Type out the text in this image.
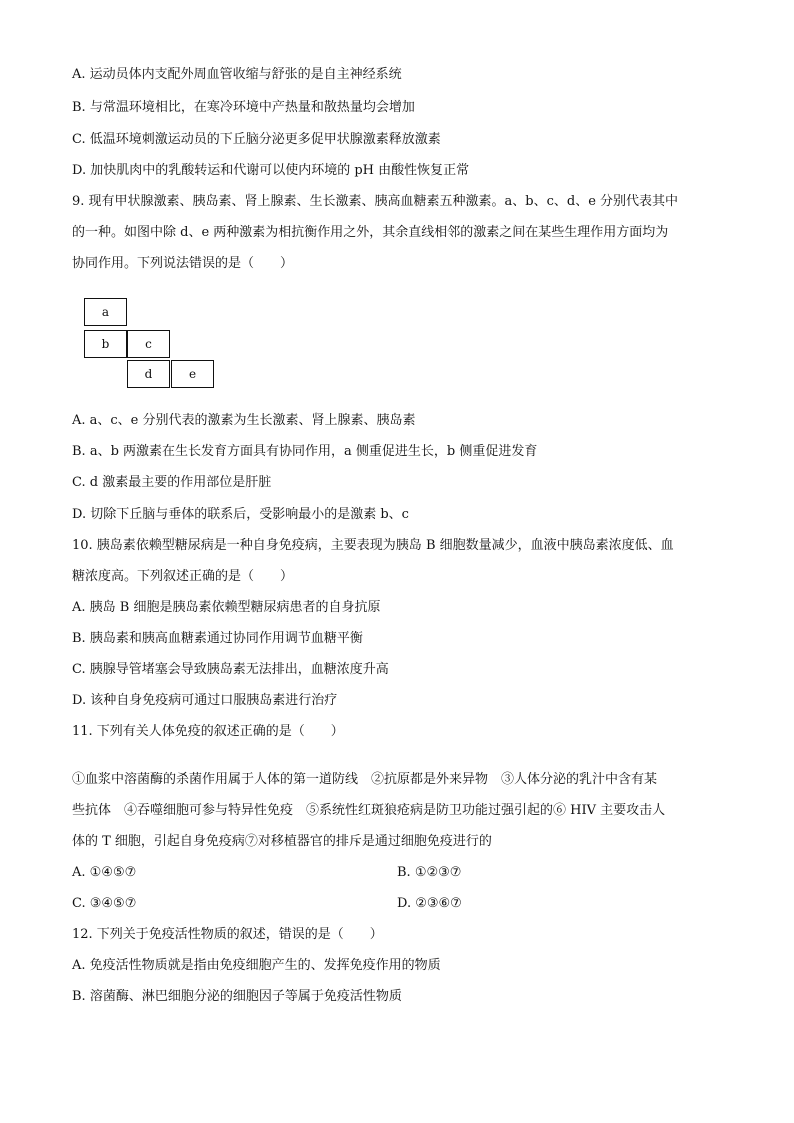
A. 运动员体内支配外周血管收缩与舒张的是自主神经系统
B. 与常温环境相比，在寒冷环境中产热量和散热量均会增加
C. 低温环境刺激运动员的下丘脑分泌更多促甲状腺激素释放激素
D. 加快肌肉中的乳酸转运和代谢可以使内环境的 pH 由酸性恢复正常
9. 现有甲状腺激素、胰岛素、肾上腺素、生长激素、胰高血糖素五种激素。a、b、c、d、e 分别代表其中
的一种。如图中除 d、e 两种激素为相抗衡作用之外，其余直线相邻的激素之间在某些生理作用方面均为
协同作用。下列说法错误的是（　　）
a
b	c
d	e
A. a、c、e 分别代表的激素为生长激素、肾上腺素、胰岛素
B. a、b 两激素在生长发育方面具有协同作用，a 侧重促进生长，b 侧重促进发育
C. d 激素最主要的作用部位是肝脏
D. 切除下丘脑与垂体的联系后，受影响最小的是激素 b、c
10. 胰岛素依赖型糖尿病是一种自身免疫病，主要表现为胰岛 B 细胞数量减少，血液中胰岛素浓度低、血
糖浓度高。下列叙述正确的是（　　）
A. 胰岛 B 细胞是胰岛素依赖型糖尿病患者的自身抗原
B. 胰岛素和胰高血糖素通过协同作用调节血糖平衡
C. 胰腺导管堵塞会导致胰岛素无法排出，血糖浓度升高
D. 该种自身免疫病可通过口服胰岛素进行治疗
11. 下列有关人体免疫的叙述正确的是（　　）
①血浆中溶菌酶的杀菌作用属于人体的第一道防线　②抗原都是外来异物　③人体分泌的乳汁中含有某
些抗体　④吞噬细胞可参与特异性免疫　⑤系统性红斑狼疮病是防卫功能过强引起的⑥ HIV 主要攻击人
体的 T 细胞，引起自身免疫病⑦对移植器官的排斥是通过细胞免疫进行的
A. ①④⑤⑦	B. ①②③⑦
C. ③④⑤⑦	D. ②③⑥⑦
12. 下列关于免疫活性物质的叙述，错误的是（　　）
A. 免疫活性物质就是指由免疫细胞产生的、发挥免疫作用的物质
B. 溶菌酶、淋巴细胞分泌的细胞因子等属于免疫活性物质
